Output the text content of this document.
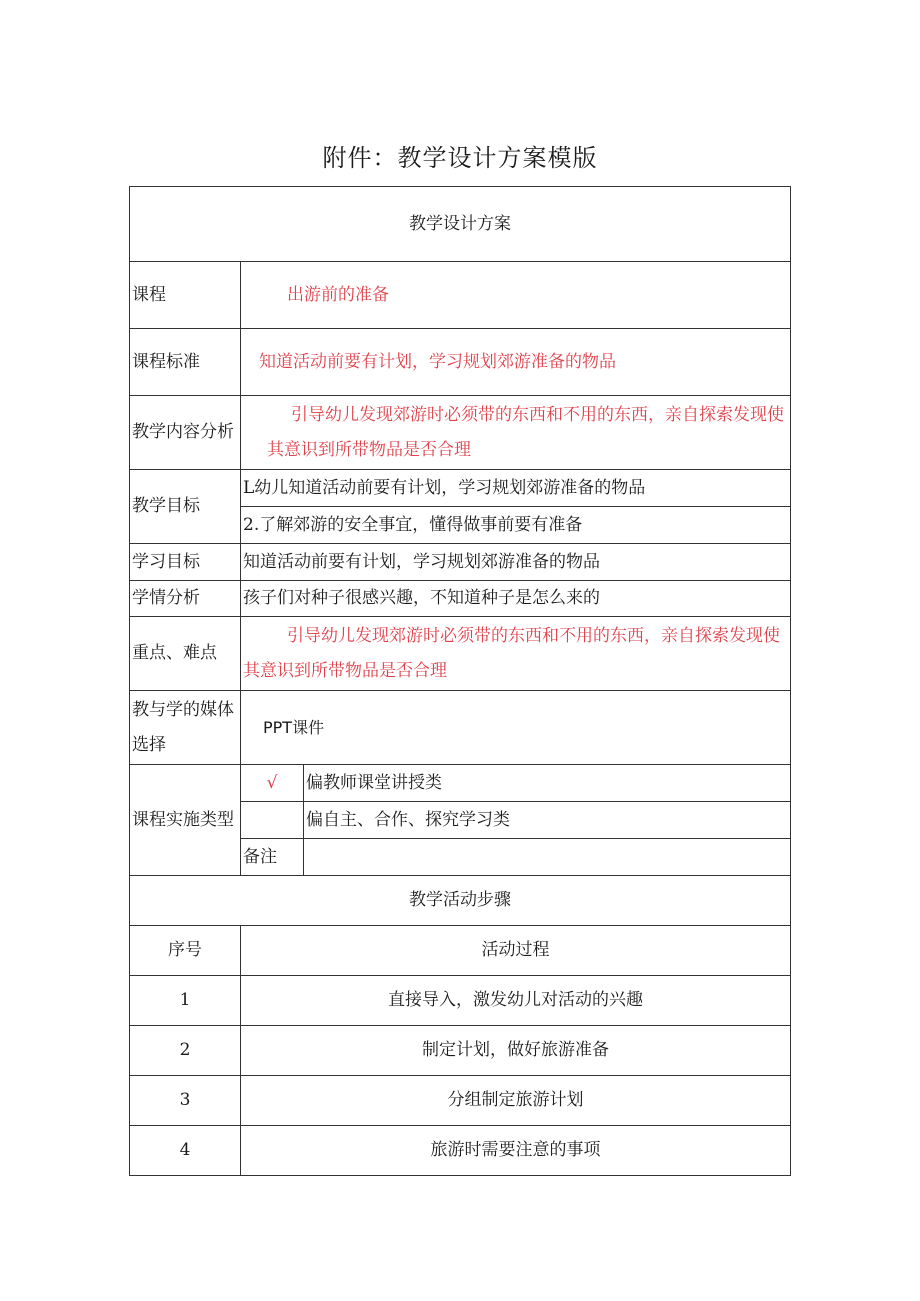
附件：教学设计方案模版
教学设计方案		
课程	出游前的准备	
课程标准	知道活动前要有计划，学习规划郊游准备的物品	
教学内容分析	引导幼儿发现郊游时必须带的东西和不用的东西，亲自探索发现使其意识到所带物品是否合理	
教学目标	L幼儿知道活动前要有计划，学习规划郊游准备的物品	
	2.了解郊游的安全事宜，懂得做事前要有准备	
学习目标	知道活动前要有计划，学习规划郊游准备的物品	
学情分析	孩子们对种子很感兴趣，不知道种子是怎么来的	
重点、难点	引导幼儿发现郊游时必须带的东西和不用的东西，亲自探索发现使其意识到所带物品是否合理	
教与学的媒体选择	PPT课件	
课程实施类型	√	偏教师课堂讲授类
		偏自主、合作、探究学习类
	备注	
教学活动步骤		
序号	活动过程	
1	直接导入，激发幼儿对活动的兴趣	
2	制定计划，做好旅游准备	
3	分组制定旅游计划	
4	旅游时需要注意的事项	
